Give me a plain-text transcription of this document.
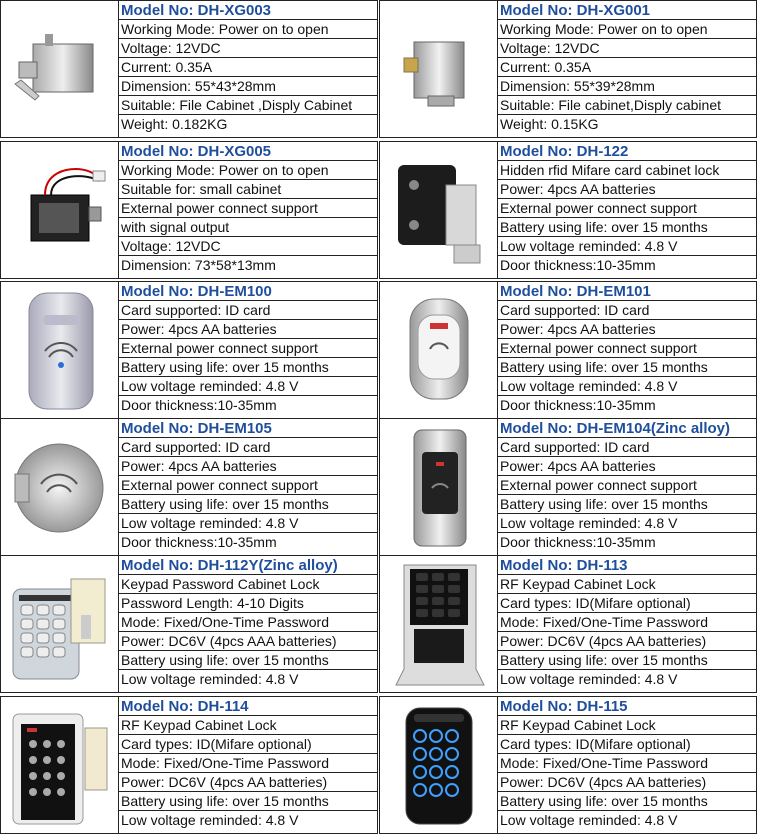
Model No: DH-XG003
Working Mode: Power on to open
Voltage: 12VDC
Current: 0.35A
Dimension: 55*43*28mm
Suitable: File Cabinet ,Disply Cabinet
Weight: 0.182KG
Model No: DH-XG001
Working Mode: Power on to open
Voltage: 12VDC
Current: 0.35A
Dimension: 55*39*28mm
Suitable: File cabinet,Disply cabinet
Weight: 0.15KG
Model No: DH-XG005
Working Mode: Power on to open
Suitable for: small cabinet
External power connect support
with signal output
Voltage: 12VDC
Dimension: 73*58*13mm
Model No: DH-122
Hidden rfid Mifare card cabinet lock
Power: 4pcs AA batteries
External power connect support
Battery using life: over 15 months
Low voltage reminded: 4.8 V
Door thickness:10-35mm
Model No: DH-EM100
Card supported: ID card
Power: 4pcs AA batteries
External power connect support
Battery using life: over 15 months
Low voltage reminded: 4.8 V
Door thickness:10-35mm
Model No: DH-EM101
Card supported: ID card
Power: 4pcs AA batteries
External power connect support
Battery using life: over 15 months
Low voltage reminded: 4.8 V
Door thickness:10-35mm
Model No: DH-EM105
Card supported: ID card
Power: 4pcs AA batteries
External power connect support
Battery using life: over 15 months
Low voltage reminded: 4.8 V
Door thickness:10-35mm
Model No: DH-EM104(Zinc alloy)
Card supported: ID card
Power: 4pcs AA batteries
External power connect support
Battery using life: over 15 months
Low voltage reminded: 4.8 V
Door thickness:10-35mm
Model No: DH-112Y(Zinc alloy)
Keypad Password Cabinet Lock
Password Length: 4-10 Digits
Mode: Fixed/One-Time Password
Power: DC6V (4pcs AAA batteries)
Battery using life: over 15 months
Low voltage reminded: 4.8 V
Model No: DH-113
RF Keypad Cabinet Lock
Card types: ID(Mifare optional)
Mode: Fixed/One-Time Password
Power: DC6V (4pcs AA batteries)
Battery using life: over 15 months
Low voltage reminded: 4.8 V
Model No: DH-114
RF Keypad Cabinet Lock
Card types: ID(Mifare optional)
Mode: Fixed/One-Time Password
Power: DC6V (4pcs AA batteries)
Battery using life: over 15 months
Low voltage reminded: 4.8 V
Model No: DH-115
RF Keypad Cabinet Lock
Card types: ID(Mifare optional)
Mode: Fixed/One-Time Password
Power: DC6V (4pcs AA batteries)
Battery using life: over 15 months
Low voltage reminded: 4.8 V
